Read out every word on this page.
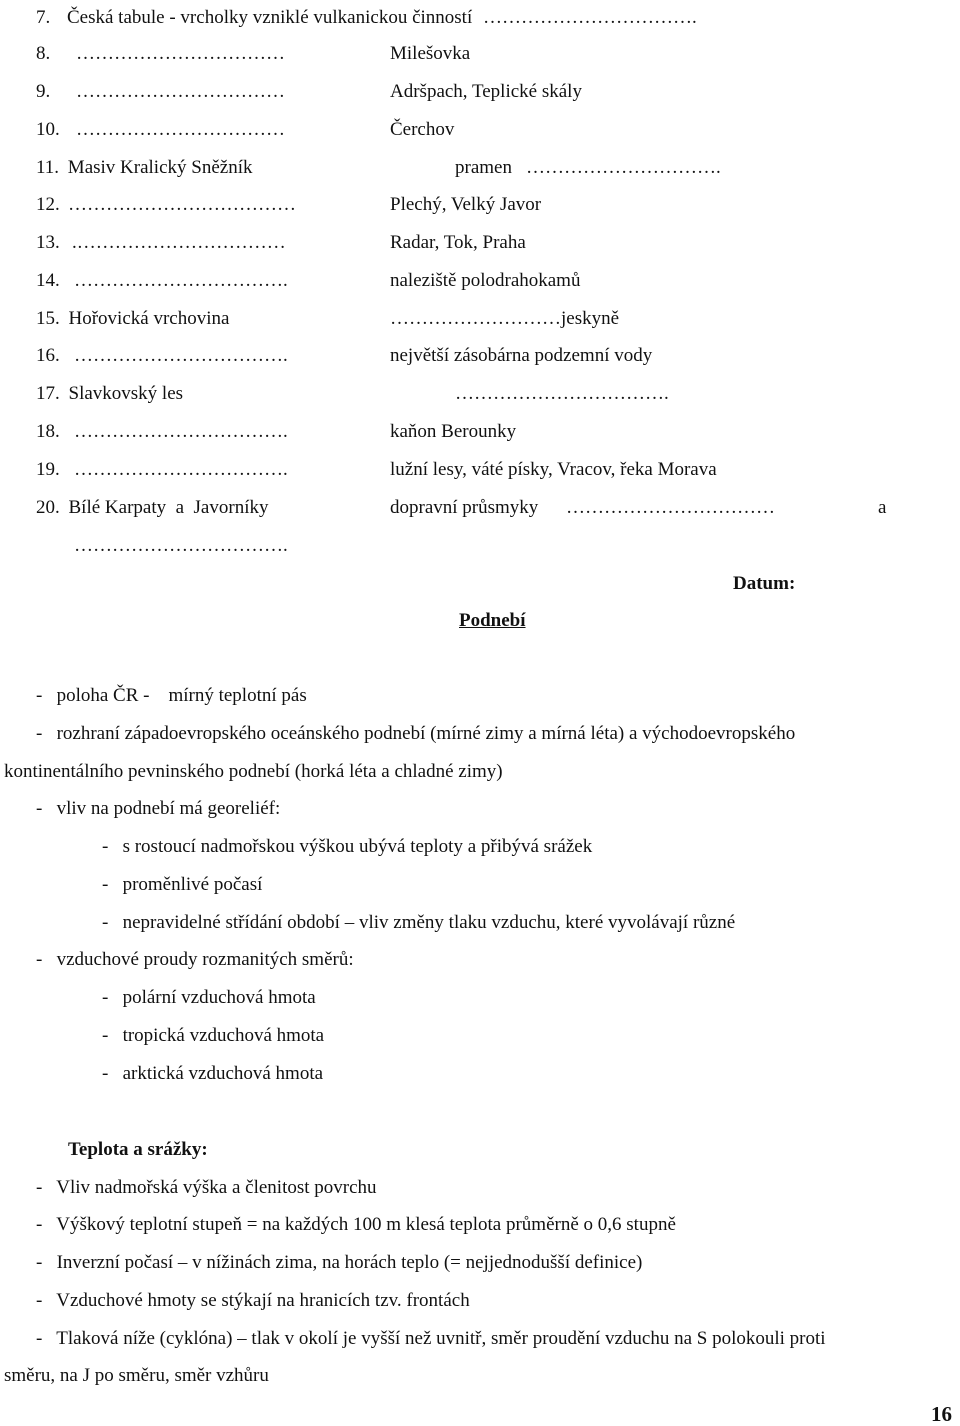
7. Česká tabule - vrcholky vzniklé vulkanickou činností …………………………….
8. ……………………………	Milešovka
9. ……………………………	Adršpach, Teplické skály
10. ……………………………	Čerchov
11. Masiv Kralický Sněžník	pramen ………………………….
12. ………………………………	Plechý, Velký Javor
13. .……………………………	Radar, Tok, Praha
14. …………………………….	naleziště polodrahokamů
15. Hořovická vrchovina	………………………jeskyně
16. …………………………….	největší zásobárna podzemní vody
17. Slavkovský les	…………………………….
18. …………………………….	kaňon Berounky
19. …………………………….	lužní lesy, váté písky, Vracov, řeka Morava
20. Bílé Karpaty  a  Javorníky	dopravní průsmyky ……………………………	a
…………………………….
Datum:
Podnebí
-   poloha ČR -    mírný teplotní pás
-   rozhraní západoevropského oceánského podnebí (mírné zimy a mírná léta) a východoevropského
kontinentálního pevninského podnebí (horká léta a chladné zimy)
-   vliv na podnebí má georeliéf:
-   s rostoucí nadmořskou výškou ubývá teploty a přibývá srážek
-   proměnlivé počasí
-   nepravidelné střídání období – vliv změny tlaku vzduchu, které vyvolávají různé
-   vzduchové proudy rozmanitých směrů:
-   polární vzduchová hmota
-   tropická vzduchová hmota
-   arktická vzduchová hmota
Teplota a srážky:
-   Vliv nadmořská výška a členitost povrchu
-   Výškový teplotní stupeň = na každých 100 m klesá teplota průměrně o 0,6 stupně
-   Inverzní počasí – v nížinách zima, na horách teplo (= nejjednodušší definice)
-   Vzduchové hmoty se stýkají na hranicích tzv. frontách
-   Tlaková níže (cyklóna) – tlak v okolí je vyšší než uvnitř, směr proudění vzduchu na S polokouli proti
směru, na J po směru, směr vzhůru
16
